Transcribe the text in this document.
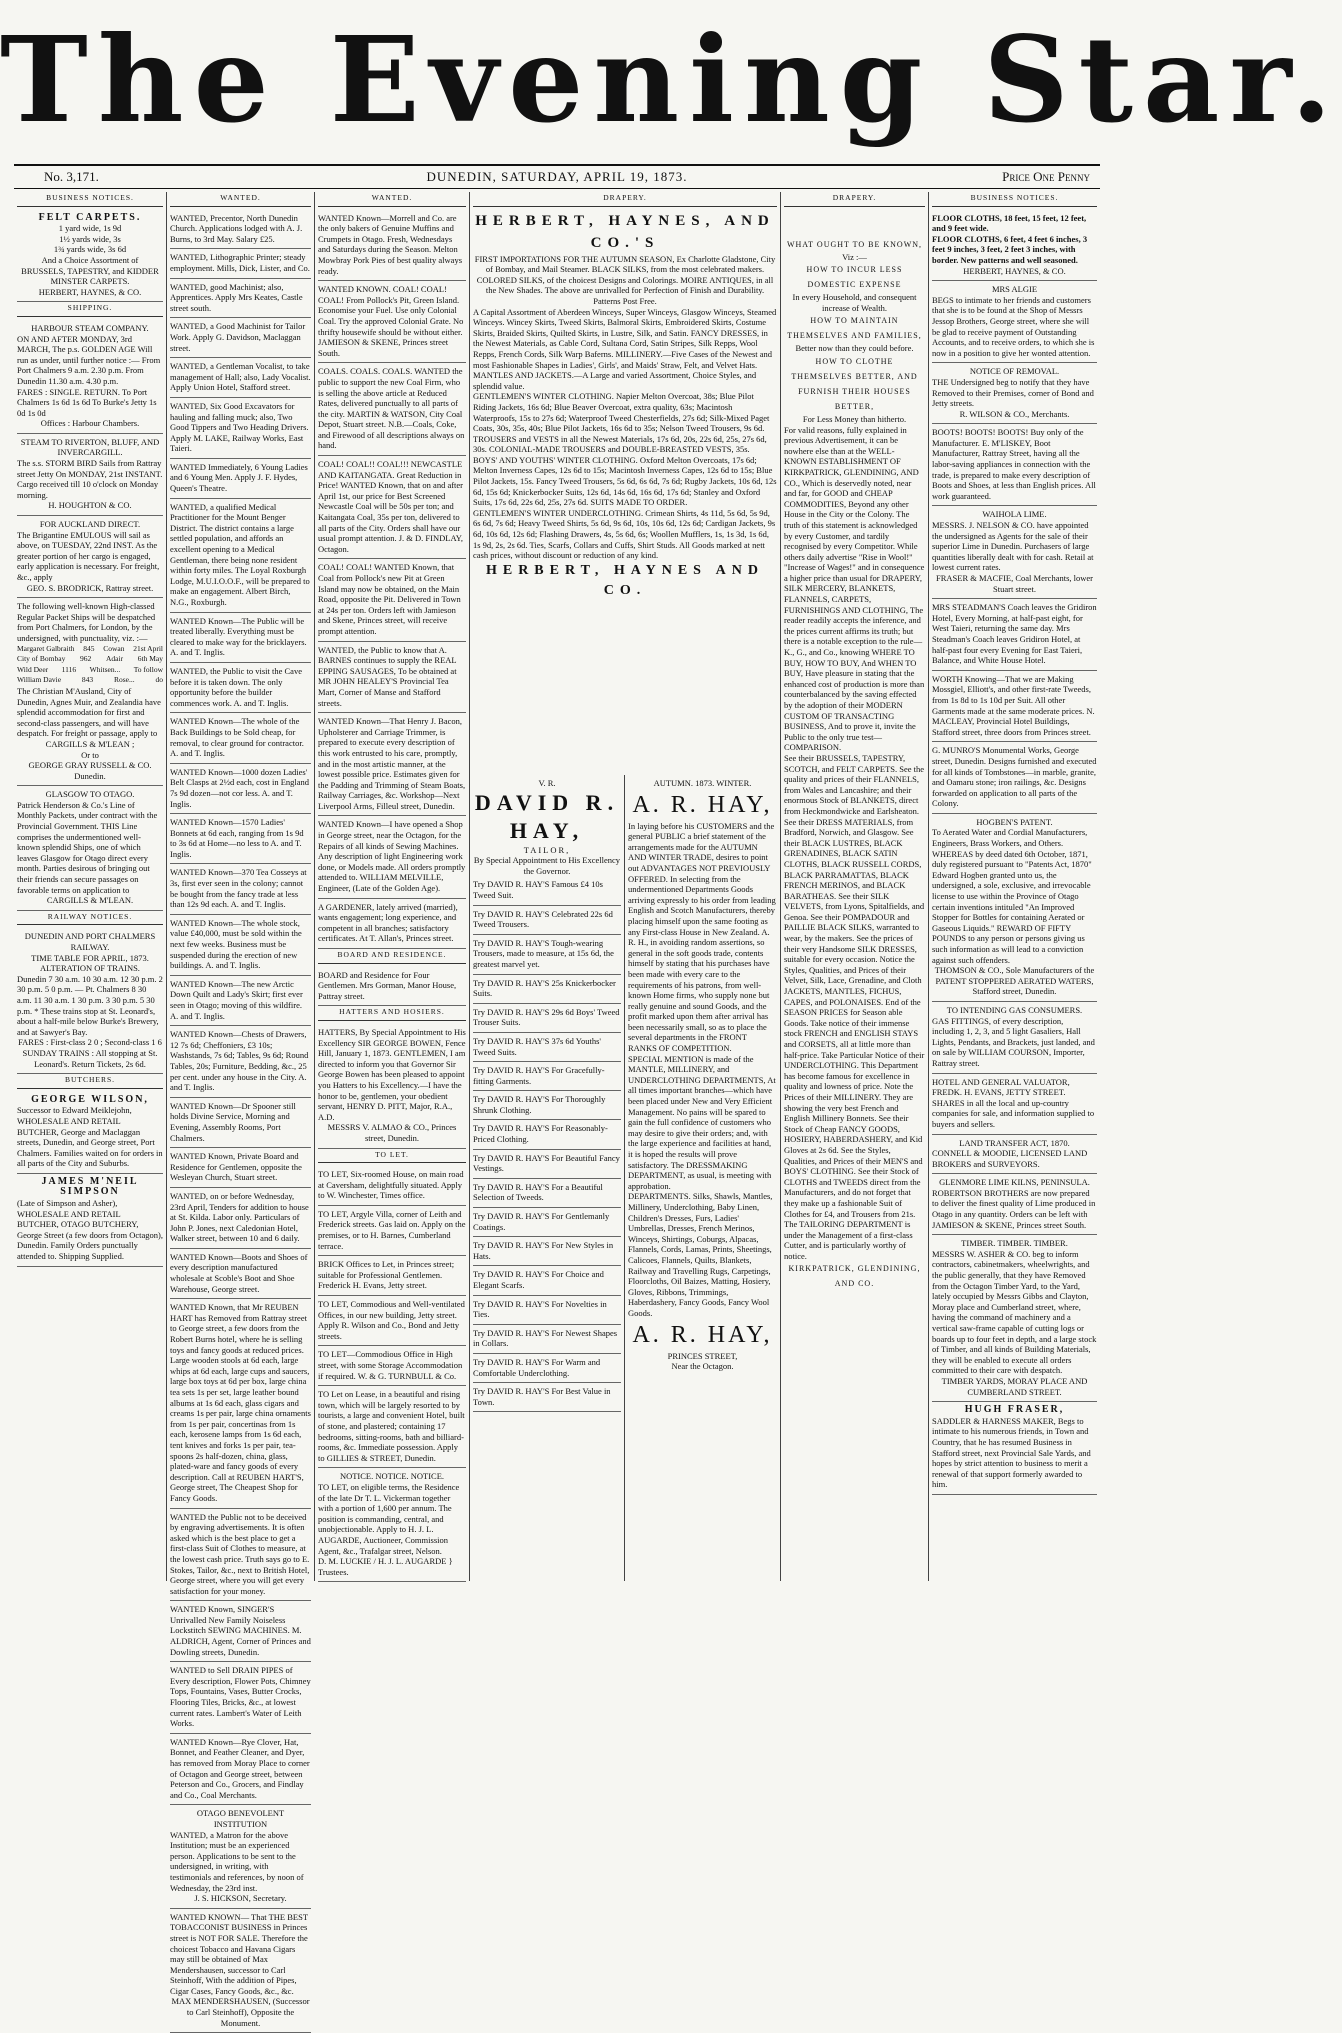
The Evening Star.
No. 3,171.	DUNEDIN, SATURDAY, APRIL 19, 1873.	Price One Penny
BUSINESS NOTICES.
FELT CARPETS.
1 yard wide, 1s 9d
1½ yards wide, 3s
1¾ yards wide, 3s 6d
And a Choice Assortment of
BRUSSELS, TAPESTRY, and KIDDER
MINSTER CARPETS.
HERBERT, HAYNES, & CO.
SHIPPING.
HARBOUR STEAM COMPANY.
ON AND AFTER MONDAY, 3rd MARCH, The p.s. GOLDEN AGE Will run as under, until further notice :— From Port Chalmers 9 a.m. 2.30 p.m. From Dunedin 11.30 a.m. 4.30 p.m.
FARES : SINGLE. RETURN. To Port Chalmers 1s 6d 1s 6d To Burke's Jetty 1s 0d 1s 0d
Offices : Harbour Chambers.
STEAM TO RIVERTON, BLUFF, AND INVERCARGILL.
The s.s. STORM BIRD Sails from Rattray street Jetty On MONDAY, 21st INSTANT. Cargo received till 10 o'clock on Monday morning.
H. HOUGHTON & CO.
FOR AUCKLAND DIRECT.
The Brigantine EMULOUS will sail as above, on TUESDAY, 22nd INST. As the greater portion of her cargo is engaged, early application is necessary. For freight, &c., apply
GEO. S. BRODRICK, Rattray street.
The following well-known High-classed Regular Packet Ships will be despatched from Port Chalmers, for London, by the undersigned, with punctuality, viz. :—
Margaret Galbraith 845 Cowan 21st April
City of Bombay 962 Adair 6th May
Wild Deer 1116 Whitsen... To follow
William Davie	843	Rose...	do
The Christian M'Ausland, City of Dunedin, Agnes Muir, and Zealandia have splendid accommodation for first and second-class passengers, and will have despatch. For freight or passage, apply to
CARGILLS & M'LEAN ;
Or to
GEORGE GRAY RUSSELL & CO.
Dunedin.
GLASGOW TO OTAGO.
Patrick Henderson & Co.'s Line of Monthly Packets, under contract with the Provincial Government. THIS Line comprises the undermentioned well-known splendid Ships, one of which leaves Glasgow for Otago direct every month. Parties desirous of bringing out their friends can secure passages on favorable terms on application to
CARGILLS & M'LEAN.
RAILWAY NOTICES.
DUNEDIN AND PORT CHALMERS RAILWAY.
TIME TABLE FOR APRIL, 1873.
ALTERATION OF TRAINS.
Dunedin 7 30 a.m. 10 30 a.m. 12 30 p.m. 2 30 p.m. 5 0 p.m. — Pt. Chalmers 8 30 a.m. 11 30 a.m. 1 30 p.m. 3 30 p.m. 5 30 p.m. * These trains stop at St. Leonard's, about a half-mile below Burke's Brewery, and at Sawyer's Bay.
FARES : First-class 2 0 ; Second-class 1 6
SUNDAY TRAINS : All stopping at St. Leonard's. Return Tickets, 2s 6d.
BUTCHERS.
GEORGE WILSON,
Successor to Edward Meiklejohn, WHOLESALE AND RETAIL BUTCHER, George and Maclaggan streets, Dunedin, and George street, Port Chalmers. Families waited on for orders in all parts of the City and Suburbs.
JAMES M'NEIL SIMPSON
(Late of Simpson and Asher), WHOLESALE AND RETAIL BUTCHER, OTAGO BUTCHERY, George Street (a few doors from Octagon), Dunedin. Family Orders punctually attended to. Shipping Supplied.
WANTED.
WANTED, Precentor, North Dunedin Church. Applications lodged with A. J. Burns, to 3rd May. Salary £25.
WANTED, Lithographic Printer; steady employment. Mills, Dick, Lister, and Co.
WANTED, good Machinist; also, Apprentices. Apply Mrs Keates, Castle street south.
WANTED, a Good Machinist for Tailor Work. Apply G. Davidson, Maclaggan street.
WANTED, a Gentleman Vocalist, to take management of Hall; also, Lady Vocalist. Apply Union Hotel, Stafford street.
WANTED, Six Good Excavators for hauling and falling muck; also, Two Good Tippers and Two Heading Drivers. Apply M. LAKE, Railway Works, East Taieri.
WANTED Immediately, 6 Young Ladies and 6 Young Men. Apply J. F. Hydes, Queen's Theatre.
WANTED, a qualified Medical Practitioner for the Mount Benger District. The district contains a large settled population, and affords an excellent opening to a Medical Gentleman, there being none resident within forty miles. The Loyal Roxburgh Lodge, M.U.I.O.O.F., will be prepared to make an engagement. Albert Birch, N.G., Roxburgh.
WANTED Known—The Public will be treated liberally. Everything must be cleared to make way for the bricklayers. A. and T. Inglis.
WANTED, the Public to visit the Cave before it is taken down. The only opportunity before the builder commences work. A. and T. Inglis.
WANTED Known—The whole of the Back Buildings to be Sold cheap, for removal, to clear ground for contractor. A. and T. Inglis.
WANTED Known—1000 dozen Ladies' Belt Clasps at 2½d each, cost in England 7s 9d dozen—not cor less. A. and T. Inglis.
WANTED Known—1570 Ladies' Bonnets at 6d each, ranging from 1s 9d to 3s 6d at Home—no less to A. and T. Inglis.
WANTED Known—370 Tea Cosseys at 3s, first ever seen in the colony; cannot be bought from the fancy trade at less than 12s 9d each. A. and T. Inglis.
WANTED Known—The whole stock, value £40,000, must be sold within the next few weeks. Business must be suspended during the erection of new buildings. A. and T. Inglis.
WANTED Known—The new Arctic Down Quilt and Lady's Skirt; first ever seen in Otago; moving of this wildfire. A. and T. Inglis.
WANTED Known—Chests of Drawers, 12 7s 6d; Cheffoniers, £3 10s; Washstands, 7s 6d; Tables, 9s 6d; Round Tables, 20s; Furniture, Bedding, &c., 25 per cent. under any house in the City. A. and T. Inglis.
WANTED Known—Dr Spooner still holds Divine Service, Morning and Evening, Assembly Rooms, Port Chalmers.
WANTED Known, Private Board and Residence for Gentlemen, opposite the Wesleyan Church, Stuart street.
WANTED, on or before Wednesday, 23rd April, Tenders for addition to house at St. Kilda. Labor only. Particulars of John P. Jones, next Caledonian Hotel, Walker street, between 10 and 6 daily.
WANTED Known—Boots and Shoes of every description manufactured wholesale at Scoble's Boot and Shoe Warehouse, George street.
WANTED Known, that Mr REUBEN HART has Removed from Rattray street to George street, a few doors from the Robert Burns hotel, where he is selling toys and fancy goods at reduced prices. Large wooden stools at 6d each, large whips at 6d each, large cups and saucers, large box toys at 6d per box, large china tea sets 1s per set, large leather bound albums at 1s 6d each, glass cigars and creams 1s per pair, large china ornaments from 1s per pair, concertinas from 1s each, kerosene lamps from 1s 6d each, tent knives and forks 1s per pair, tea-spoons 2s half-dozen, china, glass, plated-ware and fancy goods of every description. Call at REUBEN HART'S, George street, The Cheapest Shop for Fancy Goods.
WANTED the Public not to be deceived by engraving advertisements. It is often asked which is the best place to get a first-class Suit of Clothes to measure, at the lowest cash price. Truth says go to E. Stokes, Tailor, &c., next to British Hotel, George street, where you will get every satisfaction for your money.
WANTED Known, SINGER'S Unrivalled New Family Noiseless Lockstitch SEWING MACHINES. M. ALDRICH, Agent, Corner of Princes and Dowling streets, Dunedin.
WANTED to Sell DRAIN PIPES of Every description, Flower Pots, Chimney Tops, Fountains, Vases, Butter Crocks, Flooring Tiles, Bricks, &c., at lowest current rates. Lambert's Water of Leith Works.
WANTED Known—Rye Clover, Hat, Bonnet, and Feather Cleaner, and Dyer, has removed from Moray Place to corner of Octagon and George street, between Peterson and Co., Grocers, and Findlay and Co., Coal Merchants.
OTAGO BENEVOLENT INSTITUTION
WANTED, a Matron for the above Institution; must be an experienced person. Applications to be sent to the undersigned, in writing, with testimonials and references, by noon of Wednesday, the 23rd inst.
J. S. HICKSON, Secretary.
WANTED KNOWN— That THE BEST TOBACCONIST BUSINESS in Princes street is NOT FOR SALE. Therefore the choicest Tobacco and Havana Cigars may still be obtained of Max Mendershausen, successor to Carl Steinhoff, With the addition of Pipes, Cigar Cases, Fancy Goods, &c., &c.
MAX MENDERSHAUSEN, (Successor to Carl Steinhoff), Opposite the Monument.
WANTED.
WANTED Known—Morrell and Co. are the only bakers of Genuine Muffins and Crumpets in Otago. Fresh, Wednesdays and Saturdays during the Season. Melton Mowbray Pork Pies of best quality always ready.
WANTED KNOWN. COAL! COAL! COAL! From Pollock's Pit, Green Island. Economise your Fuel. Use only Colonial Coal. Try the approved Colonial Grate. No thrifty housewife should be without either. JAMIESON & SKENE, Princes street South.
COALS. COALS. COALS. WANTED the public to support the new Coal Firm, who is selling the above article at Reduced Rates, delivered punctually to all parts of the city. MARTIN & WATSON, City Coal Depot, Stuart street. N.B.—Coals, Coke, and Firewood of all descriptions always on hand.
COAL! COAL!! COAL!!! NEWCASTLE AND KAITANGATA. Great Reduction in Price! WANTED Known, that on and after April 1st, our price for Best Screened Newcastle Coal will be 50s per ton; and Kaitangata Coal, 35s per ton, delivered to all parts of the City. Orders shall have our usual prompt attention. J. & D. FINDLAY, Octagon.
COAL! COAL! WANTED Known, that Coal from Pollock's new Pit at Green Island may now be obtained, on the Main Road, opposite the Pit. Delivered in Town at 24s per ton. Orders left with Jamieson and Skene, Princes street, will receive prompt attention.
WANTED, the Public to know that A. BARNES continues to supply the REAL EPPING SAUSAGES, To be obtained at MR JOHN HEALEY'S Provincial Tea Mart, Corner of Manse and Stafford streets.
WANTED Known—That Henry J. Bacon, Upholsterer and Carriage Trimmer, is prepared to execute every description of this work entrusted to his care, promptly, and in the most artistic manner, at the lowest possible price. Estimates given for the Padding and Trimming of Steam Boats, Railway Carriages, &c. Workshop—Next Liverpool Arms, Filleul street, Dunedin.
WANTED Known—I have opened a Shop in George street, near the Octagon, for the Repairs of all kinds of Sewing Machines. Any description of light Engineering work done, or Models made. All orders promptly attended to. WILLIAM MELVILLE, Engineer, (Late of the Golden Age).
A GARDENER, lately arrived (married), wants engagement; long experience, and competent in all branches; satisfactory certificates. At T. Allan's, Princes street.
BOARD AND RESIDENCE.
BOARD and Residence for Four Gentlemen. Mrs Gorman, Manor House, Pattray street.
HATTERS AND HOSIERS.
HATTERS, By Special Appointment to His Excellency SIR GEORGE BOWEN, Fence Hill, January 1, 1873. GENTLEMEN, I am directed to inform you that Governor Sir George Bowen has been pleased to appoint you Hatters to his Excellency.—I have the honor to be, gentlemen, your obedient servant, HENRY D. PITT, Major, R.A., A.D.
MESSRS V. ALMAO & CO., Princes street, Dunedin.
TO LET.
TO LET, Six-roomed House, on main road at Caversham, delightfully situated. Apply to W. Winchester, Times office.
TO LET, Argyle Villa, corner of Leith and Frederick streets. Gas laid on. Apply on the premises, or to H. Barnes, Cumberland terrace.
BRICK Offices to Let, in Princes street; suitable for Professional Gentlemen. Frederick H. Evans, Jetty street.
TO LET, Commodious and Well-ventilated Offices, in our new building, Jetty street. Apply R. Wilson and Co., Bond and Jetty streets.
TO LET—Commodious Office in High street, with some Storage Accommodation if required. W. & G. TURNBULL & Co.
TO Let on Lease, in a beautiful and rising town, which will be largely resorted to by tourists, a large and convenient Hotel, built of stone, and plastered; containing 17 bedrooms, sitting-rooms, bath and billiard-rooms, &c. Immediate possession. Apply to GILLIES & STREET, Dunedin.
NOTICE. NOTICE. NOTICE.
TO LET, on eligible terms, the Residence of the late Dr T. L. Vickerman together with a portion of 1,600 per annum. The position is commanding, central, and unobjectionable. Apply to H. J. L. AUGARDE, Auctioneer, Commission Agent, &c., Trafalgar street, Nelson.
D. M. LUCKIE / H. J. L. AUGARDE } Trustees.
DRAPERY.
HERBERT, HAYNES, AND CO.'S
FIRST IMPORTATIONS FOR THE AUTUMN SEASON, Ex Charlotte Gladstone, City of Bombay, and Mail Steamer. BLACK SILKS, from the most celebrated makers. COLORED SILKS, of the choicest Designs and Colorings. MOIRE ANTIQUES, in all the New Shades. The above are unrivalled for Perfection of Finish and Durability. Patterns Post Free.
A Capital Assortment of Aberdeen Winceys, Super Winceys, Glasgow Winceys, Steamed Winceys. Wincey Skirts, Tweed Skirts, Balmoral Skirts, Embroidered Skirts, Costume Skirts, Braided Skirts, Quilted Skirts, in Lustre, Silk, and Satin. FANCY DRESSES, in the Newest Materials, as Cable Cord, Sultana Cord, Satin Stripes, Silk Repps, Wool Repps, French Cords, Silk Warp Baferns. MILLINERY.—Five Cases of the Newest and most Fashionable Shapes in Ladies', Girls', and Maids' Straw, Felt, and Velvet Hats. MANTLES AND JACKETS.—A Large and varied Assortment, Choice Styles, and splendid value.
GENTLEMEN'S WINTER CLOTHING. Napier Melton Overcoat, 38s; Blue Pilot Riding Jackets, 16s 6d; Blue Beaver Overcoat, extra quality, 63s; Macintosh Waterproofs, 15s to 27s 6d; Waterproof Tweed Chesterfields, 27s 6d; Silk-Mixed Paget Coats, 30s, 35s, 40s; Blue Pilot Jackets, 16s 6d to 35s; Nelson Tweed Trousers, 9s 6d. TROUSERS and VESTS in all the Newest Materials, 17s 6d, 20s, 22s 6d, 25s, 27s 6d, 30s. COLONIAL-MADE TROUSERS and DOUBLE-BREASTED VESTS, 35s.
BOYS' AND YOUTHS' WINTER CLOTHING. Oxford Melton Overcoats, 17s 6d; Melton Inverness Capes, 12s 6d to 15s; Macintosh Inverness Capes, 12s 6d to 15s; Blue Pilot Jackets, 15s. Fancy Tweed Trousers, 5s 6d, 6s 6d, 7s 6d; Rugby Jackets, 10s 6d, 12s 6d, 15s 6d; Knickerbocker Suits, 12s 6d, 14s 6d, 16s 6d, 17s 6d; Stanley and Oxford Suits, 17s 6d, 22s 6d, 25s, 27s 6d. SUITS MADE TO ORDER.
GENTLEMEN'S WINTER UNDERCLOTHING. Crimean Shirts, 4s 11d, 5s 6d, 5s 9d, 6s 6d, 7s 6d; Heavy Tweed Shirts, 5s 6d, 9s 6d, 10s, 10s 6d, 12s 6d; Cardigan Jackets, 9s 6d, 10s 6d, 12s 6d; Flashing Drawers, 4s, 5s 6d, 6s; Woollen Mufflers, 1s, 1s 3d, 1s 6d, 1s 9d, 2s, 2s 6d. Ties, Scarfs, Collars and Cuffs, Shirt Studs. All Goods marked at nett cash prices, without discount or reduction of any kind.
HERBERT, HAYNES AND CO.
V. R.
DAVID R. HAY,
TAILOR,
By Special Appointment to His Excellency the Governor.
Try DAVID R. HAY'S Famous £4 10s Tweed Suit.
Try DAVID R. HAY'S Celebrated 22s 6d Tweed Trousers.
Try DAVID R. HAY'S Tough-wearing Trousers, made to measure, at 15s 6d, the greatest marvel yet.
Try DAVID R. HAY'S 25s Knickerbocker Suits.
Try DAVID R. HAY'S 29s 6d Boys' Tweed Trouser Suits.
Try DAVID R. HAY'S 37s 6d Youths' Tweed Suits.
Try DAVID R. HAY'S For Gracefully-fitting Garments.
Try DAVID R. HAY'S For Thoroughly Shrunk Clothing.
Try DAVID R. HAY'S For Reasonably-Priced Clothing.
Try DAVID R. HAY'S For Beautiful Fancy Vestings.
Try DAVID R. HAY'S For a Beautiful Selection of Tweeds.
Try DAVID R. HAY'S For Gentlemanly Coatings.
Try DAVID R. HAY'S For New Styles in Hats.
Try DAVID R. HAY'S For Choice and Elegant Scarfs.
Try DAVID R. HAY'S For Novelties in Ties.
Try DAVID R. HAY'S For Newest Shapes in Collars.
Try DAVID R. HAY'S For Warm and Comfortable Underclothing.
Try DAVID R. HAY'S For Best Value in Town.
AUTUMN. 1873. WINTER.
A. R. HAY,
In laying before his CUSTOMERS and the general PUBLIC a brief statement of the arrangements made for the AUTUMN AND WINTER TRADE, desires to point out ADVANTAGES NOT PREVIOUSLY OFFERED. In selecting from the undermentioned Departments Goods arriving expressly to his order from leading English and Scotch Manufacturers, thereby placing himself upon the same footing as any First-class House in New Zealand. A. R. H., in avoiding random assertions, so general in the soft goods trade, contents himself by stating that his purchases have been made with every care to the requirements of his patrons, from well-known Home firms, who supply none but really genuine and sound Goods, and the profit marked upon them after arrival has been necessarily small, so as to place the several departments in the FRONT RANKS OF COMPETITION.
SPECIAL MENTION is made of the MANTLE, MILLINERY, and UNDERCLOTHING DEPARTMENTS, At all times important branches—which have been placed under New and Very Efficient Management. No pains will be spared to gain the full confidence of customers who may desire to give their orders; and, with the large experience and facilities at hand, it is hoped the results will prove satisfactory. The DRESSMAKING DEPARTMENT, as usual, is meeting with approbation.
DEPARTMENTS. Silks, Shawls, Mantles, Millinery, Underclothing, Baby Linen, Children's Dresses, Furs, Ladies' Umbrellas, Dresses, French Merinos, Winceys, Shirtings, Coburgs, Alpacas, Flannels, Cords, Lamas, Prints, Sheetings, Calicoes, Flannels, Quilts, Blankets, Railway and Travelling Rugs, Carpetings, Floorcloths, Oil Baizes, Matting, Hosiery, Gloves, Ribbons, Trimmings, Haberdashery, Fancy Goods, Fancy Wool Goods.
A. R. HAY,
PRINCES STREET,
Near the Octagon.
DRAPERY.
WHAT OUGHT TO BE KNOWN,
Viz :—
HOW TO INCUR LESS DOMESTIC EXPENSE
In every Household, and consequent increase of Wealth.
HOW TO MAINTAIN THEMSELVES AND FAMILIES,
Better now than they could before.
HOW TO CLOTHE THEMSELVES BETTER, AND
FURNISH THEIR HOUSES BETTER,
For Less Money than hitherto.
For valid reasons, fully explained in previous Advertisement, it can be nowhere else than at the WELL-KNOWN ESTABLISHMENT OF KIRKPATRICK, GLENDINING, AND CO., Which is deservedly noted, near and far, for GOOD and CHEAP COMMODITIES, Beyond any other House in the City or the Colony. The truth of this statement is acknowledged by every Customer, and tardily recognised by every Competitor. While others daily advertise "Rise in Wool!" "Increase of Wages!" and in consequence a higher price than usual for DRAPERY, SILK MERCERY, BLANKETS, FLANNELS, CARPETS, FURNISHINGS AND CLOTHING, The reader readily accepts the inference, and the prices current affirms its truth; but there is a notable exception to the rule—K., G., and Co., knowing WHERE TO BUY, HOW TO BUY, And WHEN TO BUY, Have pleasure in stating that the enhanced cost of production is more than counterbalanced by the saving effected by the adoption of their MODERN CUSTOM OF TRANSACTING BUSINESS, And to prove it, invite the Public to the only true test—COMPARISON.
See their BRUSSELS, TAPESTRY, SCOTCH, and FELT CARPETS. See the quality and prices of their FLANNELS, from Wales and Lancashire; and their enormous Stock of BLANKETS, direct from Heckmondwicke and Earlsheaton. See their DRESS MATERIALS, from Bradford, Norwich, and Glasgow. See their BLACK LUSTRES, BLACK GRENADINES, BLACK SATIN CLOTHS, BLACK RUSSELL CORDS, BLACK PARRAMATTAS, BLACK FRENCH MERINOS, and BLACK BARATHEAS. See their SILK VELVETS, from Lyons, Spitalfields, and Genoa. See their POMPADOUR and PAILLIE BLACK SILKS, warranted to wear, by the makers. See the prices of their very Handsome SILK DRESSES, suitable for every occasion. Notice the Styles, Qualities, and Prices of their Velvet, Silk, Lace, Grenadine, and Cloth JACKETS, MANTLES, FICHUS, CAPES, and POLONAISES. End of the SEASON PRICES for Season able Goods. Take notice of their immense stock FRENCH and ENGLISH STAYS and CORSETS, all at little more than half-price. Take Particular Notice of their UNDERCLOTHING. This Department has become famous for excellence in quality and lowness of price. Note the Prices of their MILLINERY. They are showing the very best French and English Millinery Bonnets. See their Stock of Cheap FANCY GOODS, HOSIERY, HABERDASHERY, and Kid Gloves at 2s 6d. See the Styles, Qualities, and Prices of their MEN'S and BOYS' CLOTHING. See their Stock of CLOTHS and TWEEDS direct from the Manufacturers, and do not forget that they make up a fashionable Suit of Clothes for £4, and Trousers from 21s. The TAILORING DEPARTMENT is under the Management of a first-class Cutter, and is particularly worthy of notice.
KIRKPATRICK, GLENDINING,
AND CO.
BUSINESS NOTICES.
FLOOR CLOTHS, 18 feet, 15 feet, 12 feet, and 9 feet wide.
FLOOR CLOTHS, 6 feet, 4 feet 6 inches, 3 feet 9 inches, 3 feet, 2 feet 3 inches, with border. New patterns and well seasoned.
HERBERT, HAYNES, & CO.
MRS ALGIE
BEGS to intimate to her friends and customers that she is to be found at the Shop of Messrs Jessop Brothers, George street, where she will be glad to receive payment of Outstanding Accounts, and to receive orders, to which she is now in a position to give her wonted attention.
NOTICE OF REMOVAL.
THE Undersigned beg to notify that they have Removed to their Premises, corner of Bond and Jetty streets.
R. WILSON & CO., Merchants.
BOOTS! BOOTS! BOOTS! Buy only of the Manufacturer. E. M'LISKEY, Boot Manufacturer, Rattray Street, having all the labor-saving appliances in connection with the trade, is prepared to make every description of Boots and Shoes, at less than English prices. All work guaranteed.
WAIHOLA LIME.
MESSRS. J. NELSON & CO. have appointed the undersigned as Agents for the sale of their superior Lime in Dunedin. Purchasers of large quantities liberally dealt with for cash. Retail at lowest current rates.
FRASER & MACFIE, Coal Merchants, lower Stuart street.
MRS STEADMAN'S Coach leaves the Gridiron Hotel, Every Morning, at half-past eight, for West Taieri, returning the same day. Mrs Steadman's Coach leaves Gridiron Hotel, at half-past four every Evening for East Taieri, Balance, and White House Hotel.
WORTH Knowing—That we are Making Mossgiel, Elliott's, and other first-rate Tweeds, from 1s 8d to 1s 10d per Suit. All other Garments made at the same moderate prices. N. MACLEAY, Provincial Hotel Buildings, Stafford street, three doors from Princes street.
G. MUNRO'S Monumental Works, George street, Dunedin. Designs furnished and executed for all kinds of Tombstones—in marble, granite, and Oamaru stone; iron railings, &c. Designs forwarded on application to all parts of the Colony.
HOGBEN'S PATENT.
To Aerated Water and Cordial Manufacturers, Engineers, Brass Workers, and Others. WHEREAS by deed dated 6th October, 1871, duly registered pursuant to "Patents Act, 1870" Edward Hogben granted unto us, the undersigned, a sole, exclusive, and irrevocable license to use within the Province of Otago certain inventions intituled "An Improved Stopper for Bottles for containing Aerated or Gaseous Liquids." REWARD OF FIFTY POUNDS to any person or persons giving us such information as will lead to a conviction against such offenders.
THOMSON & CO., Sole Manufacturers of the PATENT STOPPERED AERATED WATERS, Stafford street, Dunedin.
TO INTENDING GAS CONSUMERS.
GAS FITTINGS, of every description, including 1, 2, 3, and 5 light Gasaliers, Hall Lights, Pendants, and Brackets, just landed, and on sale by WILLIAM COURSON, Importer, Rattray street.
HOTEL AND GENERAL VALUATOR, FREDK. H. EVANS, JETTY STREET. SHARES in all the local and up-country companies for sale, and information supplied to buyers and sellers.
LAND TRANSFER ACT, 1870.
CONNELL & MOODIE, LICENSED LAND BROKERS and SURVEYORS.
GLENMORE LIME KILNS, PENINSULA.
ROBERTSON BROTHERS are now prepared to deliver the finest quality of Lime produced in Otago in any quantity. Orders can be left with JAMIESON & SKENE, Princes street South.
TIMBER. TIMBER. TIMBER.
MESSRS W. ASHER & CO. beg to inform contractors, cabinetmakers, wheelwrights, and the public generally, that they have Removed from the Octagon Timber Yard, to the Yard, lately occupied by Messrs Gibbs and Clayton, Moray place and Cumberland street, where, having the command of machinery and a vertical saw-frame capable of cutting logs or boards up to four feet in depth, and a large stock of Timber, and all kinds of Building Materials, they will be enabled to execute all orders committed to their care with despatch.
TIMBER YARDS, MORAY PLACE AND CUMBERLAND STREET.
HUGH FRASER,
SADDLER & HARNESS MAKER, Begs to intimate to his numerous friends, in Town and Country, that he has resumed Business in Stafford street, next Provincial Sale Yards, and hopes by strict attention to business to merit a renewal of that support formerly awarded to him.
